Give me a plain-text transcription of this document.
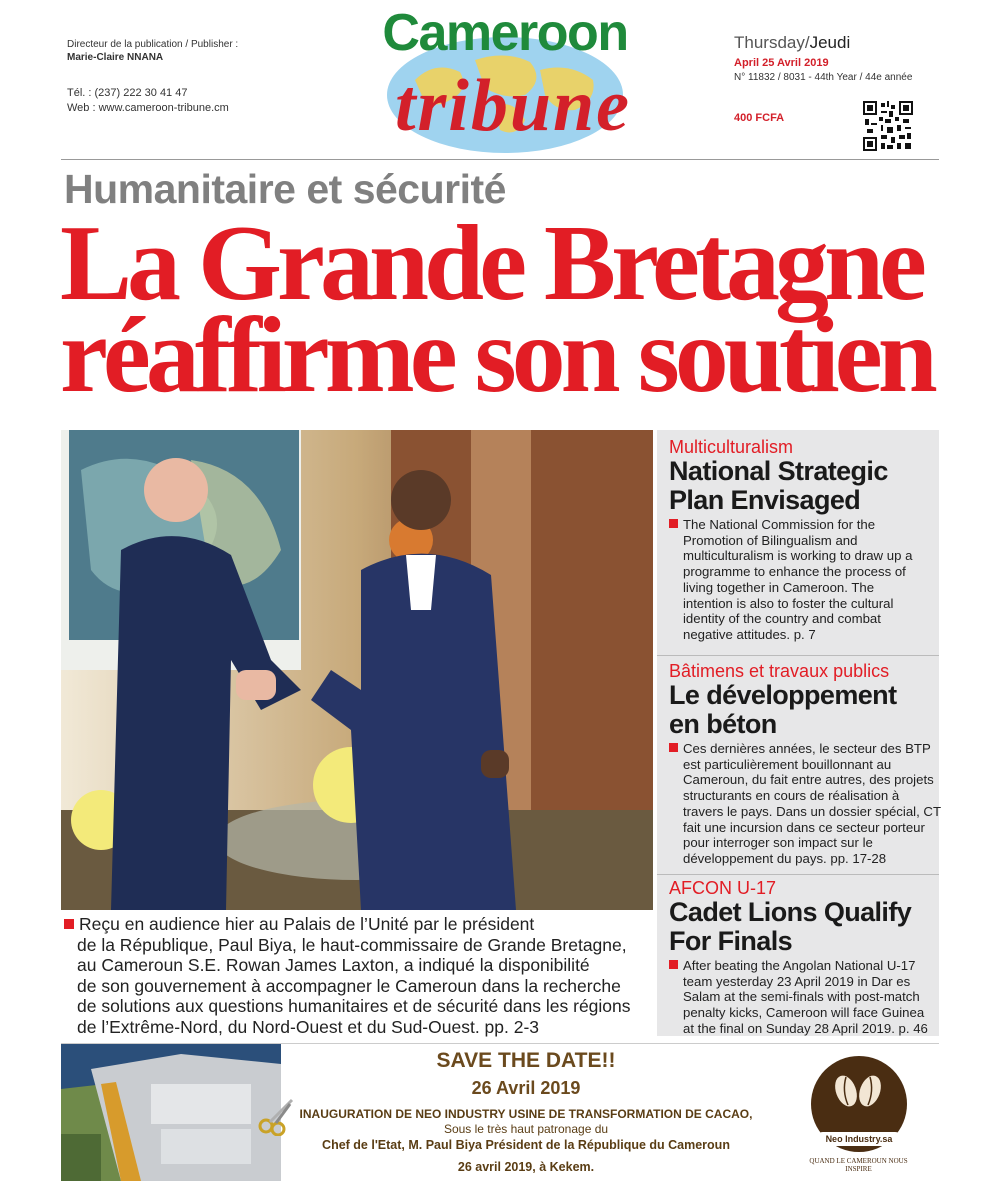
Directeur de la publication / Publisher :
Marie-Claire NNANA
Tél. : (237) 222 30 41 47
Web : www.cameroon-tribune.cm
Cameroon
tribune
Thursday/Jeudi
April 25 Avril 2019
N° 11832 / 8031 - 44th Year / 44e année
400 FCFA
Humanitaire et sécurité
La Grande Bretagne
réaffirme son soutien
Reçu en audience hier au Palais de l’Unité par le président
de la République, Paul Biya, le haut-commissaire de Grande Bretagne,
au Cameroun S.E. Rowan James Laxton, a indiqué la disponibilité
de son gouvernement à accompagner le Cameroun dans la recherche
de solutions aux questions humanitaires et de sécurité dans les régions
de l’Extrême-Nord, du Nord-Ouest et du Sud-Ouest. pp. 2-3
Multiculturalism
National Strategic
Plan Envisaged
The National Commission for the
Promotion of Bilingualism and
multiculturalism is working to draw up a
programme to enhance the process of
living together in Cameroon. The
intention is also to foster the cultural
identity of the country and combat
negative attitudes. p. 7
Bâtimens et travaux publics
Le développement
en béton
Ces dernières années, le secteur des BTP
est particulièrement bouillonnant au
Cameroun, du fait entre autres, des projets
structurants en cours de réalisation à
travers le pays. Dans un dossier spécial, CT
fait une incursion dans ce secteur porteur
pour interroger son impact sur le
développement du pays. pp. 17-28
AFCON U-17
Cadet Lions Qualify
For Finals
After beating the Angolan National U-17
team yesterday 23 April 2019 in Dar es
Salam at the semi-finals with post-match
penalty kicks, Cameroon will face Guinea
at the final on Sunday 28 April 2019. p. 46
SAVE THE DATE!!
26 Avril 2019
INAUGURATION DE NEO INDUSTRY USINE DE TRANSFORMATION DE CACAO,
Sous le très haut patronage du
Chef de l'Etat, M. Paul Biya Président de la République du Cameroun
26 avril 2019, à Kekem.
Neo Industry.sa
QUAND LE CAMEROUN NOUS INSPIRE
